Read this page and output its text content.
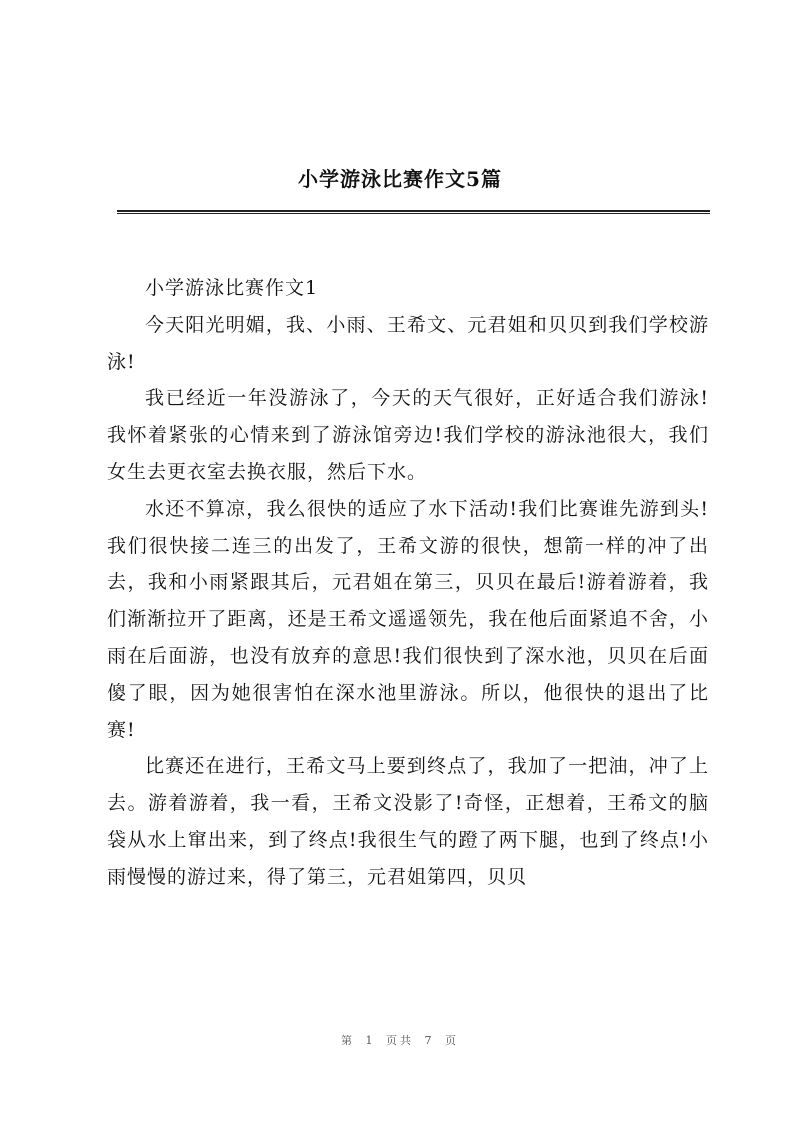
小学游泳比赛作文5篇

小学游泳比赛作文1

今天阳光明媚，我、小雨、王希文、元君姐和贝贝到我们学校游泳!

我已经近一年没游泳了，今天的天气很好，正好适合我们游泳!我怀着紧张的心情来到了游泳馆旁边!我们学校的游泳池很大，我们女生去更衣室去换衣服，然后下水。

水还不算凉，我么很快的适应了水下活动!我们比赛谁先游到头!我们很快接二连三的出发了，王希文游的很快，想箭一样的冲了出去，我和小雨紧跟其后，元君姐在第三，贝贝在最后!游着游着，我们渐渐拉开了距离，还是王希文遥遥领先，我在他后面紧追不舍，小雨在后面游，也没有放弃的意思!我们很快到了深水池，贝贝在后面傻了眼，因为她很害怕在深水池里游泳。所以，他很快的退出了比赛!

比赛还在进行，王希文马上要到终点了，我加了一把油，冲了上去。游着游着，我一看，王希文没影了!奇怪，正想着，王希文的脑袋从水上窜出来，到了终点!我很生气的蹬了两下腿，也到了终点!小雨慢慢的游过来，得了第三，元君姐第四，贝贝

第 1 页共 7 页
